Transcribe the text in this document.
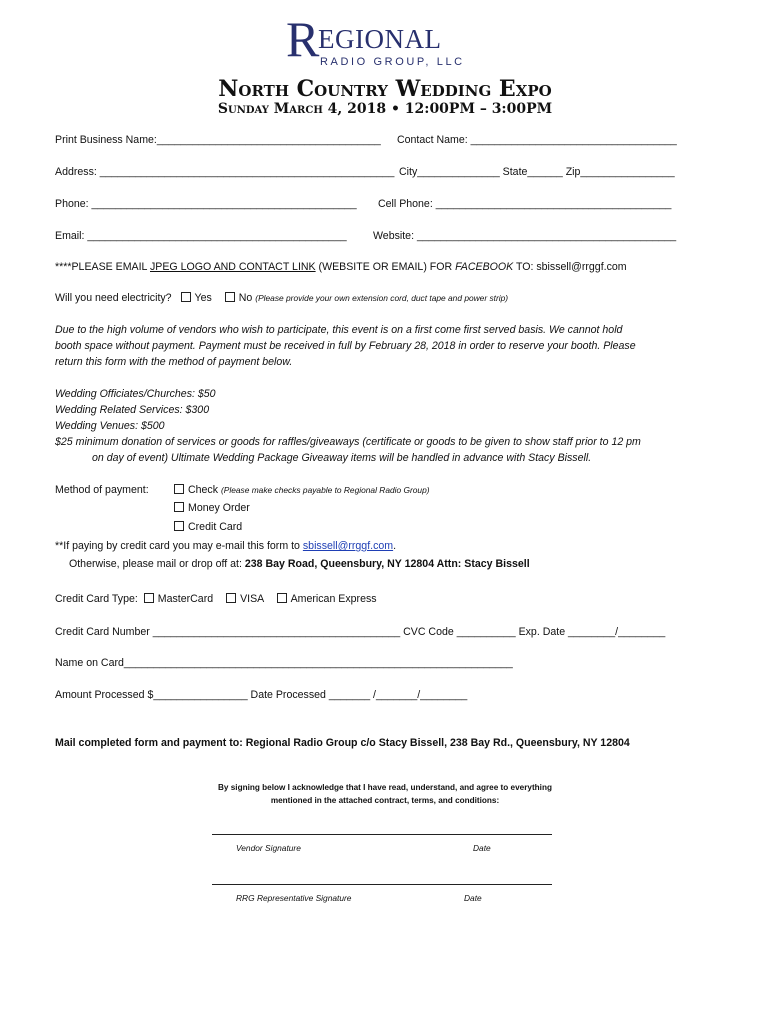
R
EGIONAL
RADIO GROUP, LLC
North Country Wedding Expo
Sunday March 4, 2018 • 12:00PM – 3:00PM
Print Business Name:______________________________________ Contact Name: ___________________________________
Address: __________________________________________________ City______________ State______ Zip________________
Phone: _____________________________________________ Cell Phone: ________________________________________
Email: ____________________________________________ Website: ____________________________________________
****PLEASE EMAIL JPEG LOGO AND CONTACT LINK (WEBSITE OR EMAIL) FOR FACEBOOK TO: sbissell@rrggf.com
Will you need electricity? Yes	No (Please provide your own extension cord, duct tape and power strip)
Due to the high volume of vendors who wish to participate, this event is on a first come first served basis. We cannot hold
booth space without payment. Payment must be received in full by February 28, 2018 in order to reserve your booth. Please
return this form with the method of payment below.
Wedding Officiates/Churches: $50
Wedding Related Services: $300
Wedding Venues: $500
$25 minimum donation of services or goods for raffles/giveaways (certificate or goods to be given to show staff prior to 12 pm
on day of event) Ultimate Wedding Package Giveaway items will be handled in advance with Stacy Bissell.
Method of payment:	Check (Please make checks payable to Regional Radio Group)
Money Order
Credit Card
**If paying by credit card you may e-mail this form to sbissell@rrggf.com.
Otherwise, please mail or drop off at: 238 Bay Road, Queensbury, NY 12804 Attn: Stacy Bissell
Credit Card Type: MasterCard	VISA	American Express
Credit Card Number __________________________________________ CVC Code __________ Exp. Date ________/________
Name on Card__________________________________________________________________
Amount Processed $________________ Date Processed _______ /_______/________
Mail completed form and payment to: Regional Radio Group c/o Stacy Bissell, 238 Bay Rd., Queensbury, NY 12804
By signing below I acknowledge that I have read, understand, and agree to everything
mentioned in the attached contract, terms, and conditions:
Vendor Signature	Date
RRG Representative Signature	Date
